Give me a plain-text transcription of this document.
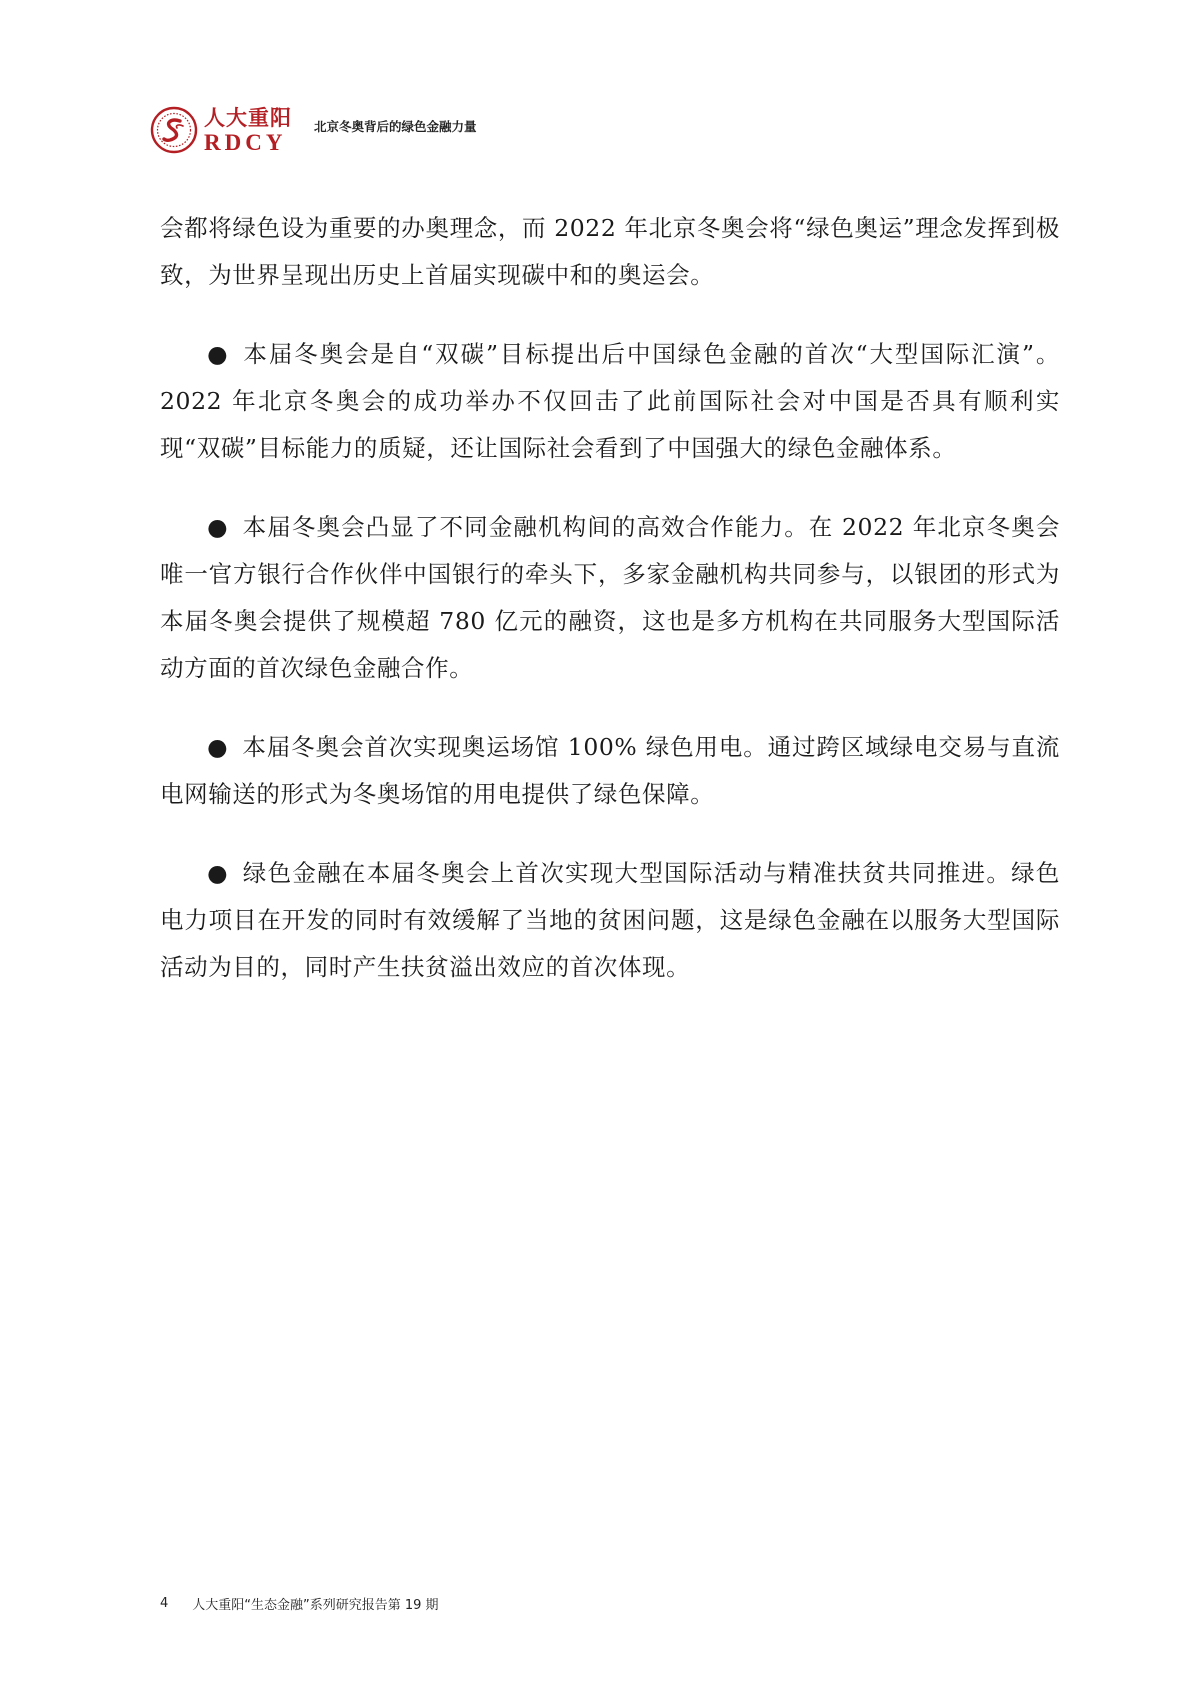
人大重阳
RDCY
北京冬奥背后的绿色金融力量

会都将绿色设为重要的办奥理念，而 2022 年北京冬奥会将“绿色奥运”理念发挥到极致，为世界呈现出历史上首届实现碳中和的奥运会。

● 本届冬奥会是自“双碳”目标提出后中国绿色金融的首次“大型国际汇演”。2022 年北京冬奥会的成功举办不仅回击了此前国际社会对中国是否具有顺利实现“双碳”目标能力的质疑，还让国际社会看到了中国强大的绿色金融体系。

● 本届冬奥会凸显了不同金融机构间的高效合作能力。在 2022 年北京冬奥会唯一官方银行合作伙伴中国银行的牵头下，多家金融机构共同参与，以银团的形式为本届冬奥会提供了规模超 780 亿元的融资，这也是多方机构在共同服务大型国际活动方面的首次绿色金融合作。

● 本届冬奥会首次实现奥运场馆 100% 绿色用电。通过跨区域绿电交易与直流电网输送的形式为冬奥场馆的用电提供了绿色保障。

● 绿色金融在本届冬奥会上首次实现大型国际活动与精准扶贫共同推进。绿色电力项目在开发的同时有效缓解了当地的贫困问题，这是绿色金融在以服务大型国际活动为目的，同时产生扶贫溢出效应的首次体现。

4 人大重阳“生态金融”系列研究报告第 19 期
